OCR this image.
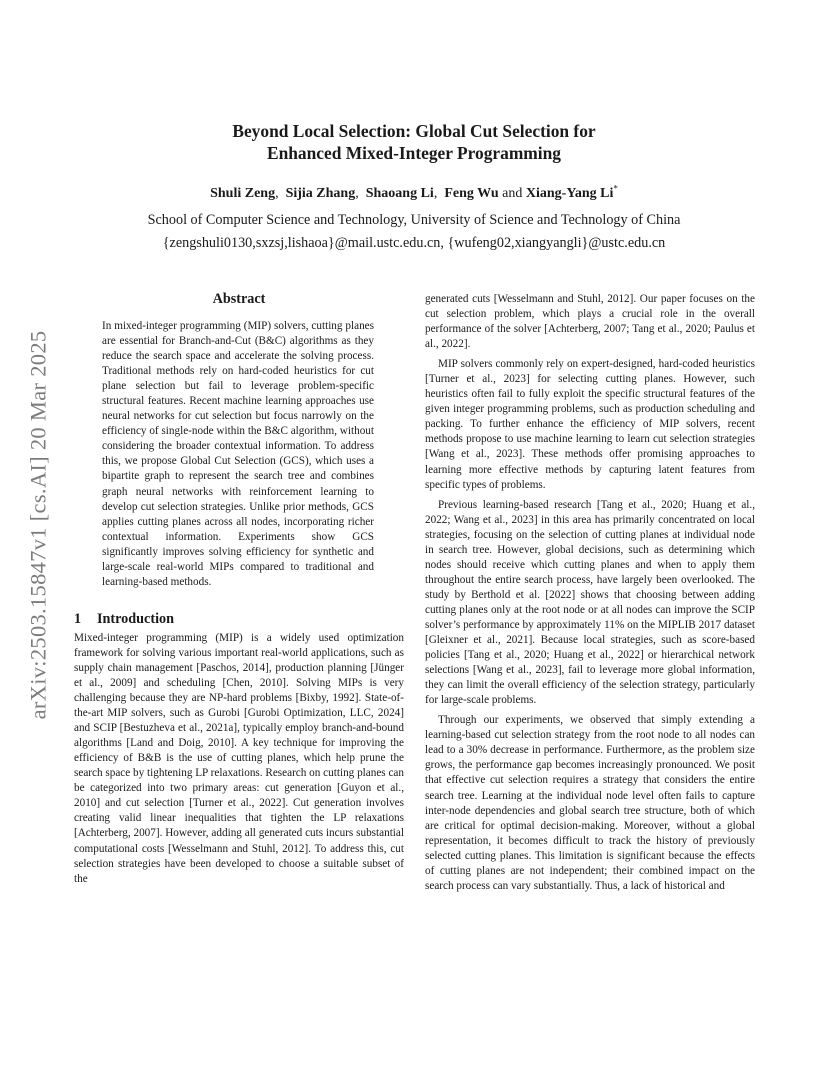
arXiv:2503.15847v1 [cs.AI] 20 Mar 2025
Beyond Local Selection: Global Cut Selection for
Enhanced Mixed-Integer Programming
Shuli Zeng, Sijia Zhang, Shaoang Li, Feng Wu and Xiang-Yang Li*
School of Computer Science and Technology, University of Science and Technology of China
{zengshuli0130,sxzsj,lishaoa}@mail.ustc.edu.cn, {wufeng02,xiangyangli}@ustc.edu.cn
Abstract

In mixed-integer programming (MIP) solvers, cutting planes are essential for Branch-and-Cut (B&C) algorithms as they reduce the search space and accelerate the solving process. Traditional methods rely on hard-coded heuristics for cut plane selection but fail to leverage problem-specific structural features. Recent machine learning approaches use neural networks for cut selection but focus narrowly on the efficiency of single-node within the B&C algorithm, without considering the broader contextual information. To address this, we propose Global Cut Selection (GCS), which uses a bipartite graph to represent the search tree and combines graph neural networks with reinforcement learning to develop cut selection strategies. Unlike prior methods, GCS applies cutting planes across all nodes, incorporating richer contextual information. Experiments show GCS significantly improves solving efficiency for synthetic and large-scale real-world MIPs compared to traditional and learning-based methods.

1 Introduction

Mixed-integer programming (MIP) is a widely used optimization framework for solving various important real-world applications, such as supply chain management [Paschos, 2014], production planning [Jünger et al., 2009] and scheduling [Chen, 2010]. Solving MIPs is very challenging because they are NP-hard problems [Bixby, 1992]. State-of-the-art MIP solvers, such as Gurobi [Gurobi Optimization, LLC, 2024] and SCIP [Bestuzheva et al., 2021a], typically employ branch-and-bound algorithms [Land and Doig, 2010]. A key technique for improving the efficiency of B&B is the use of cutting planes, which help prune the search space by tightening LP relaxations. Research on cutting planes can be categorized into two primary areas: cut generation [Guyon et al., 2010] and cut selection [Turner et al., 2022]. Cut generation involves creating valid linear inequalities that tighten the LP relaxations [Achterberg, 2007]. However, adding all generated cuts incurs substantial computational costs [Wesselmann and Stuhl, 2012]. To address this, cut selection strategies have been developed to choose a suitable subset of the

generated cuts [Wesselmann and Stuhl, 2012]. Our paper focuses on the cut selection problem, which plays a crucial role in the overall performance of the solver [Achterberg, 2007; Tang et al., 2020; Paulus et al., 2022].

MIP solvers commonly rely on expert-designed, hard-coded heuristics [Turner et al., 2023] for selecting cutting planes. However, such heuristics often fail to fully exploit the specific structural features of the given integer programming problems, such as production scheduling and packing. To further enhance the efficiency of MIP solvers, recent methods propose to use machine learning to learn cut selection strategies [Wang et al., 2023]. These methods offer promising approaches to learning more effective methods by capturing latent features from specific types of problems.

Previous learning-based research [Tang et al., 2020; Huang et al., 2022; Wang et al., 2023] in this area has primarily concentrated on local strategies, focusing on the selection of cutting planes at individual node in search tree. However, global decisions, such as determining which nodes should receive which cutting planes and when to apply them throughout the entire search process, have largely been overlooked. The study by Berthold et al. [2022] shows that choosing between adding cutting planes only at the root node or at all nodes can improve the SCIP solver’s performance by approximately 11% on the MIPLIB 2017 dataset [Gleixner et al., 2021]. Because local strategies, such as score-based policies [Tang et al., 2020; Huang et al., 2022] or hierarchical network selections [Wang et al., 2023], fail to leverage more global information, they can limit the overall efficiency of the selection strategy, particularly for large-scale problems.

Through our experiments, we observed that simply extending a learning-based cut selection strategy from the root node to all nodes can lead to a 30% decrease in performance. Furthermore, as the problem size grows, the performance gap becomes increasingly pronounced. We posit that effective cut selection requires a strategy that considers the entire search tree. Learning at the individual node level often fails to capture inter-node dependencies and global search tree structure, both of which are critical for optimal decision-making. Moreover, without a global representation, it becomes difficult to track the history of previously selected cutting planes. This limitation is significant because the effects of cutting planes are not independent; their combined impact on the search process can vary substantially. Thus, a lack of historical and
